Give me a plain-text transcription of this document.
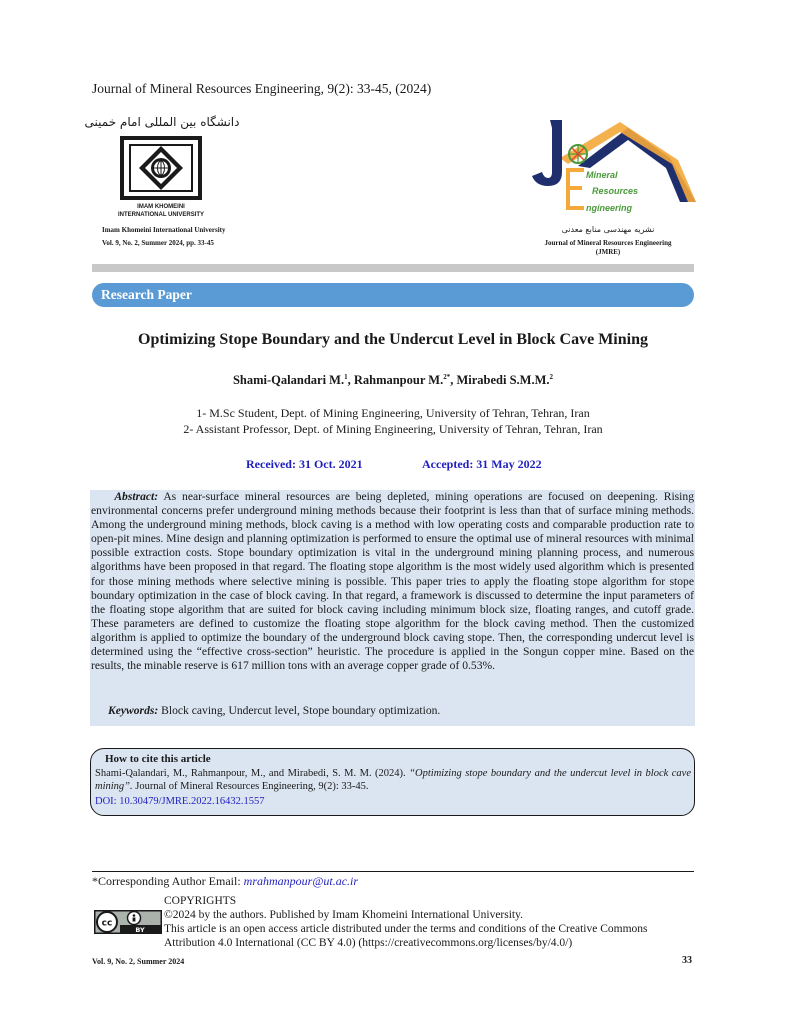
Journal of Mineral Resources Engineering, 9(2): 33-45, (2024)
دانشگاه بین المللی امام خمینی
IMAM KHOMEINI
INTERNATIONAL UNIVERSITY
Imam Khomeini International University
Vol. 9, No. 2, Summer 2024, pp. 33-45
Mineral
Resources
ngineering
نشریه مهندسی منابع معدنی
Journal of Mineral Resources Engineering
(JMRE)
Research Paper
Optimizing Stope Boundary and the Undercut Level in Block Cave Mining
Shami-Qalandari M.$^1$, Rahmanpour M.$^{2*}$, Mirabedi S.M.M.$^2$
1- M.Sc Student, Dept. of Mining Engineering, University of Tehran, Tehran, Iran
2- Assistant Professor, Dept. of Mining Engineering, University of Tehran, Tehran, Iran
Received: 31 Oct. 2021	Accepted: 31 May 2022
Abstract: As near-surface mineral resources are being depleted, mining operations are focused on deepening. Rising environmental concerns prefer underground mining methods because their footprint is less than that of surface mining methods. Among the underground mining methods, block caving is a method with low operating costs and comparable production rate to open-pit mines. Mine design and planning optimization is performed to ensure the optimal use of mineral resources with minimal possible extraction costs. Stope boundary optimization is vital in the underground mining planning process, and numerous algorithms have been proposed in that regard. The floating stope algorithm is the most widely used algorithm which is presented for those mining methods where selective mining is possible. This paper tries to apply the floating stope algorithm for stope boundary optimization in the case of block caving. In that regard, a framework is discussed to determine the input parameters of the floating stope algorithm that are suited for block caving including minimum block size, floating ranges, and cutoff grade. These parameters are defined to customize the floating stope algorithm for the block caving method. Then the customized algorithm is applied to optimize the boundary of the underground block caving stope. Then, the corresponding undercut level is determined using the “effective cross-section” heuristic. The procedure is applied in the Songun copper mine. Based on the results, the minable reserve is 617 million tons with an average copper grade of 0.53%.
Keywords: Block caving, Undercut level, Stope boundary optimization.
How to cite this article
Shami-Qalandari, M., Rahmanpour, M., and Mirabedi, S. M. M. (2024). “Optimizing stope boundary and the undercut level in block cave mining”. Journal of Mineral Resources Engineering, 9(2): 33-45.
DOI: 10.30479/JMRE.2022.16432.1557
*Corresponding Author Email: mrahmanpour@ut.ac.ir
cc
BY
COPYRIGHTS
©2024 by the authors. Published by Imam Khomeini International University.
This article is an open access article distributed under the terms and conditions of the Creative Commons
Attribution 4.0 International (CC BY 4.0) (https://creativecommons.org/licenses/by/4.0/)
Vol. 9, No. 2, Summer 2024	33
